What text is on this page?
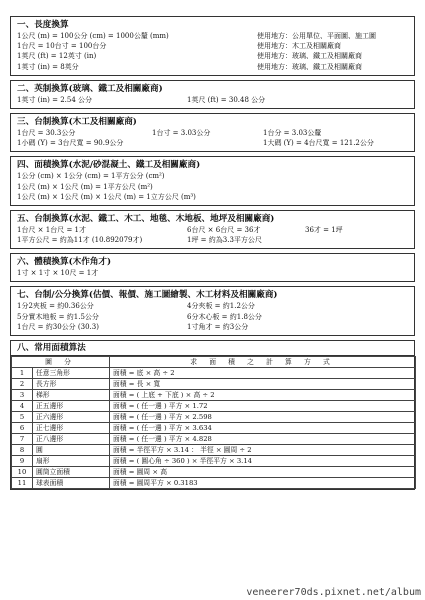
一、長度換算
1公尺 (m) = 100公分 (cm) = 1000公釐 (mm)	使用地方：公用單位、平面圖、施工圖
1台尺 = 10台寸 = 100台分	使用地方：木工及相關廠商
1英尺 (ft) = 12英寸 (in)	使用地方：玻璃、鐵工及相關廠商
1英寸 (in) = 8英分	使用地方：玻璃、鐵工及相關廠商
二、英制換算(玻璃、鐵工及相關廠商)
1英寸 (in) = 2.54 公分	1英尺 (ft) = 30.48 公分
三、台制換算(木工及相關廠商)
1台尺 = 30.3公分	1台寸 = 3.03公分	1台分 = 3.03公釐
1小碼 (Y) = 3台尺寬 = 90.9公分	1大碼 (Y) = 4台尺寬 = 121.2公分
四、面積換算(水泥/砂混凝土、鐵工及相關廠商)
1公分 (cm) × 1公分 (cm) = 1平方公分 (cm²)
1公尺 (m) × 1公尺 (m) = 1平方公尺 (m²)
1公尺 (m) × 1公尺 (m) × 1公尺 (m) = 1立方公尺 (m³)
五、台制換算(水泥、鐵工、木工、地毯、木地板、地坪及相關廠商)
1台尺 × 1台尺 = 1才	6台尺 × 6台尺 = 36才	36才 = 1坪
1平方公尺 = 約為11才 (10.892079才)	1坪 = 約為3.3平方公尺
六、體積換算(木作角才)
1寸 × 1寸 × 10尺 = 1才
七、台制/公分換算(估價、報價、施工圖繪製、木工材料及相關廠商)
1分2夾板 = 約0.36公分	4分夾板 = 約1.2公分
5分實木地板 = 約1.5公分	6分木心板 = 約1.8公分
1台尺 = 約30公分 (30.3)	1寸角才 = 約3公分
八、常用面積算法
圖 分		求 面 積 之 計 算 方 式
1	任意三角形	面積 = 底 × 高 ÷ 2
2	長方形	面積 = 長 × 寬
3	梯形	面積 = ( 上底 + 下底 ) × 高 ÷ 2
4	正五邊形	面積 = ( 任一邊 ) 平方 × 1.72
5	正六邊形	面積 = ( 任一邊 ) 平方 × 2.598
6	正七邊形	面積 = ( 任一邊 ) 平方 × 3.634
7	正八邊形	面積 = ( 任一邊 ) 平方 × 4.828
8	圓	面積 = 半徑平方 × 3.14 ： 半徑 × 圓周 ÷ 2
9	扇形	面積 = ( 圓心角 ÷ 360 ) × 半徑平方 × 3.14
10	圓筒立面積	面積 = 圓周 × 高
11	球表面積	面積 = 圓周平方 × 0.3183
veneerer70ds.pixnet.net/album
